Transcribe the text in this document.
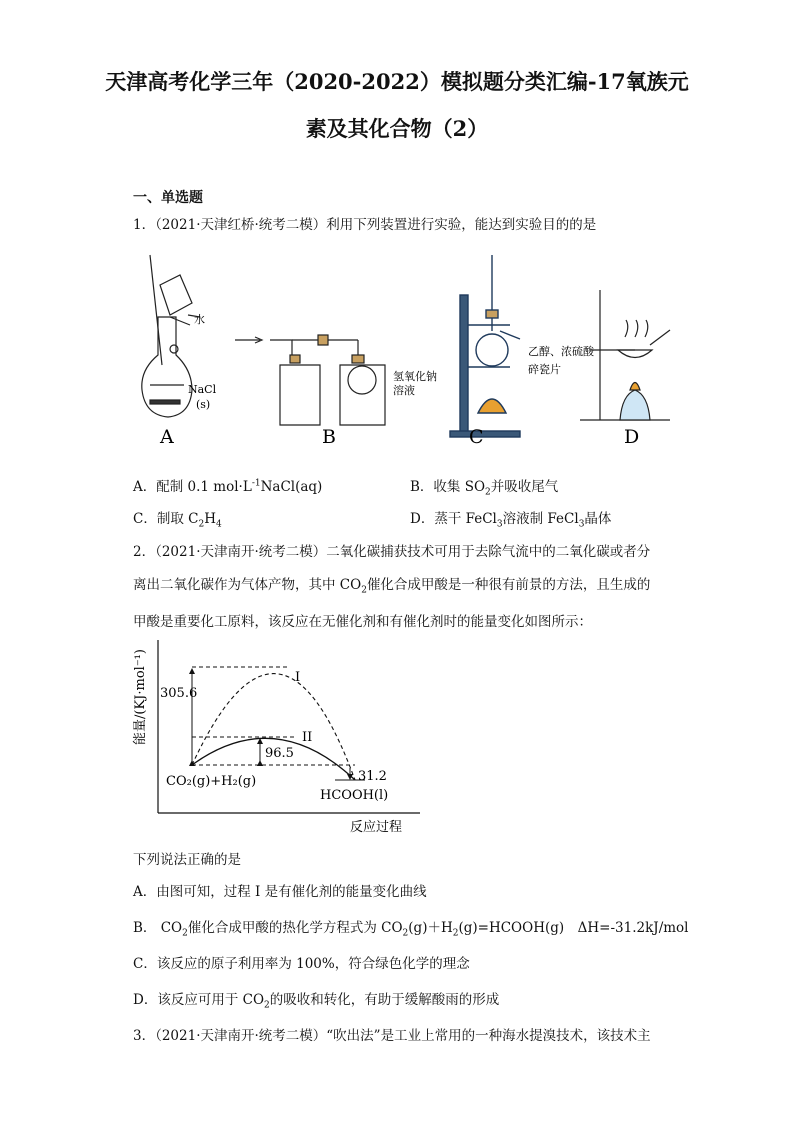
天津高考化学三年（2020-2022）模拟题分类汇编-17氧族元
素及其化合物（2）
一、单选题
1．（2021·天津红桥·统考二模）利用下列装置进行实验，能达到实验目的的是
水
NaCl
(s)
氢氧化钠
溶液
乙醇、浓硫酸
碎瓷片
A	B	C	D
A．配制 0.1 $mol\cdot L^{-1}NaCl(aq)$	B．收集 $SO_2$并吸收尾气
C．制取 $C_2H_4$	D．蒸干 FeCl$_3$溶液制 FeCl$_3$晶体
2．（2021·天津南开·统考二模）二氧化碳捕获技术可用于去除气流中的二氧化碳或者分
离出二氧化碳作为气体产物，其中 $CO_2$催化合成甲酸是一种很有前景的方法，且生成的
甲酸是重要化工原料，该反应在无催化剂和有催化剂时的能量变化如图所示：
能量/(KJ·mol⁻¹)
反应过程
305.6
96.5
31.2
I
II
CO₂(g)+H₂(g)
HCOOH(l)
下列说法正确的是
A．由图可知，过程 I 是有催化剂的能量变化曲线
B． $CO_2$催化合成甲酸的热化学方程式为 $CO_2(g)+H_2(g)=HCOOH(g)$　ΔH=-31.2kJ/mol
C．该反应的原子利用率为 100%，符合绿色化学的理念
D．该反应可用于 $CO_2$的吸收和转化，有助于缓解酸雨的形成
3．（2021·天津南开·统考二模）“吹出法”是工业上常用的一种海水提溴技术，该技术主
